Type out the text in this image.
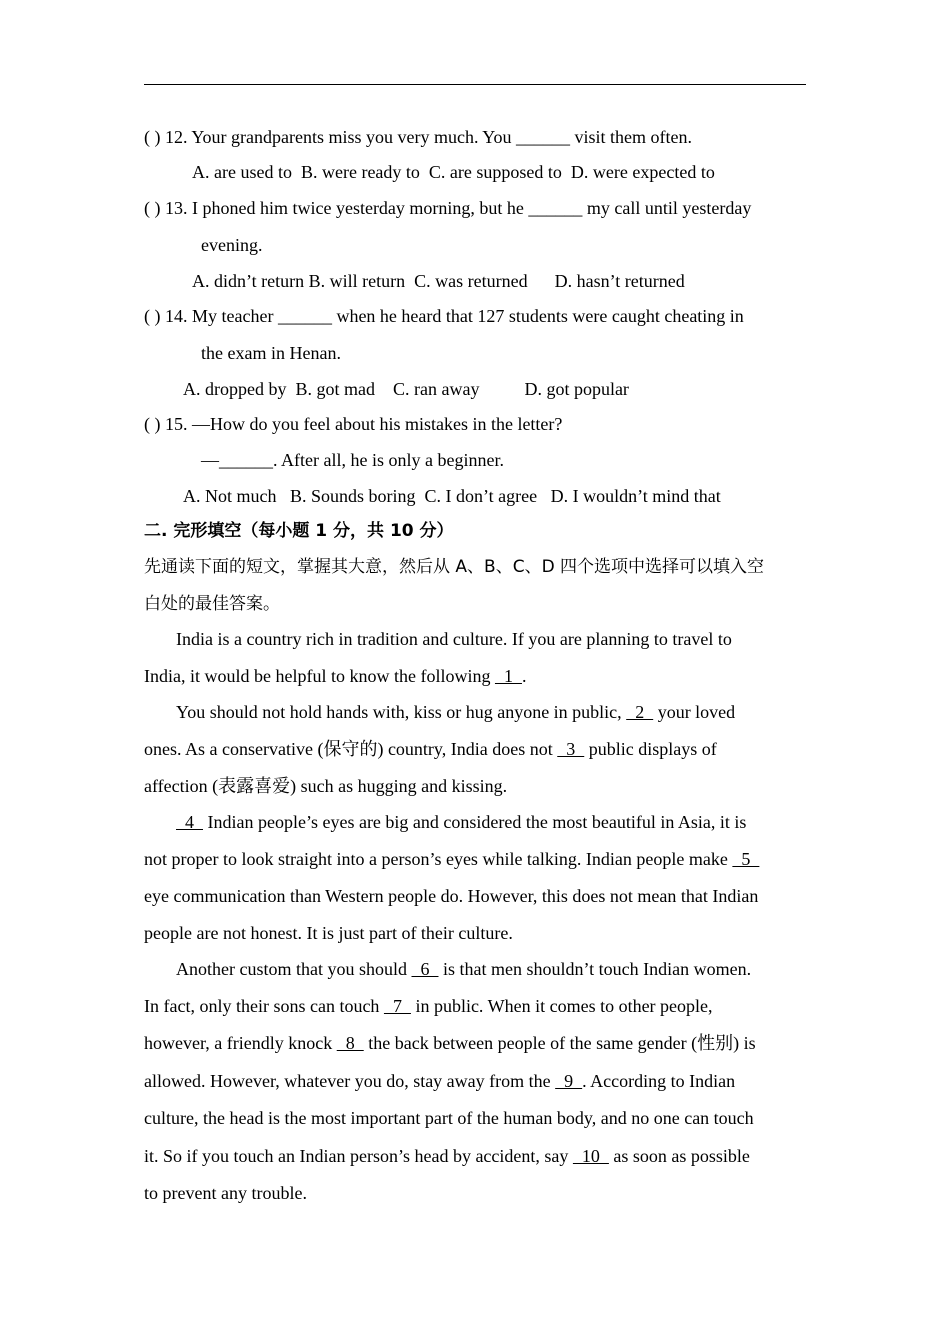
( ) 12. Your grandparents miss you very much. You ______ visit them often.
A. are used to  B. were ready to  C. are supposed to  D. were expected to
( ) 13. I phoned him twice yesterday morning, but he ______ my call until yesterday
evening.
A. didn’t return B. will return  C. was returned      D. hasn’t returned
( ) 14. My teacher ______ when he heard that 127 students were caught cheating in
the exam in Henan.
A. dropped by  B. got mad    C. ran away          D. got popular
( ) 15. —How do you feel about his mistakes in the letter?
—______. After all, he is only a beginner.
A. Not much   B. Sounds boring  C. I don’t agree   D. I wouldn’t mind that
二. 完形填空（每小题 1 分，共 10 分）
先通读下面的短文，掌握其大意，然后从 A、B、C、D 四个选项中选择可以填入空
白处的最佳答案。
India is a country rich in tradition and culture. If you are planning to travel to
India, it would be helpful to know the following   1  .
You should not hold hands with, kiss or hug anyone in public,   2   your loved
ones. As a conservative (保守的) country, India does not   3   public displays of
affection (表露喜爱) such as hugging and kissing.
4   Indian people’s eyes are big and considered the most beautiful in Asia, it is
not proper to look straight into a person’s eyes while talking. Indian people make   5
eye communication than Western people do. However, this does not mean that Indian
people are not honest. It is just part of their culture.
Another custom that you should   6   is that men shouldn’t touch Indian women.
In fact, only their sons can touch   7   in public. When it comes to other people,
however, a friendly knock   8   the back between people of the same gender (性别) is
allowed. However, whatever you do, stay away from the   9  . According to Indian
culture, the head is the most important part of the human body, and no one can touch
it. So if you touch an Indian person’s head by accident, say   10   as soon as possible
to prevent any trouble.
